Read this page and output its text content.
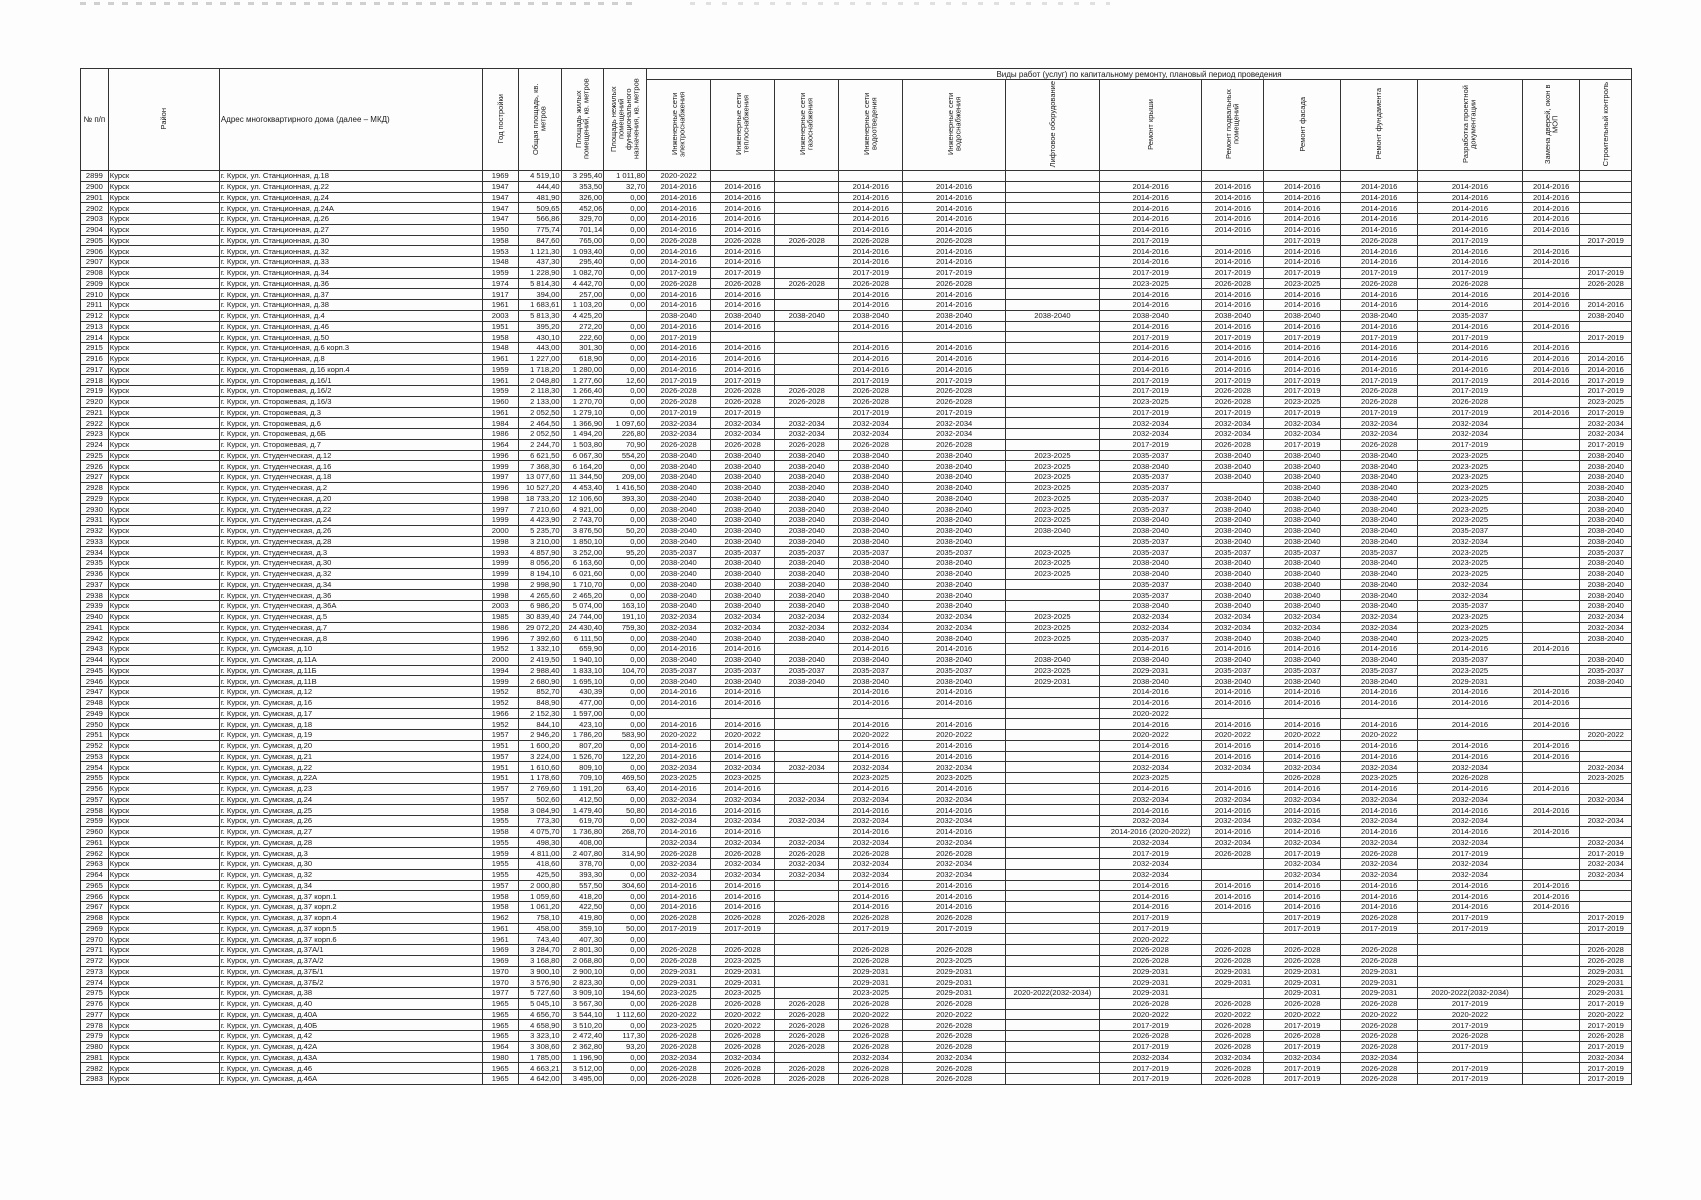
№ п/п	Район	Адрес многоквартирного дома (далее – МКД)	Год постройки	Общая площадь, кв. метров	Площадь жилых помещений, кв. метров	Площадь нежилых помещений функционального назначения, кв. метров	Виды работ (услуг) по капитальному ремонту, плановый период проведения												
							Инженерные сети электроснабжения	Инженерные сети теплоснабжения	Инженерные сети газоснабжения	Инженерные сети водоотведения	Инженерные сети водоснабжения	Лифтовое оборудование	Ремонт крыши	Ремонт подвальных помещений	Ремонт фасада	Ремонт фундамента	Разработка проектной документации	Замена дверей, окон в МОП	Строительный контроль
2899	Курск	г. Курск, ул. Станционная, д.18	1969	4 519,10	3 295,40	1 011,80	2020-2022												
2900	Курск	г. Курск, ул. Станционная, д.22	1947	444,40	353,50	32,70	2014-2016	2014-2016		2014-2016	2014-2016		2014-2016	2014-2016	2014-2016	2014-2016	2014-2016	2014-2016	
2901	Курск	г. Курск, ул. Станционная, д.24	1947	481,90	326,00	0,00	2014-2016	2014-2016		2014-2016	2014-2016		2014-2016	2014-2016	2014-2016	2014-2016	2014-2016	2014-2016	
2902	Курск	г. Курск, ул. Станционная, д.24А	1947	509,65	452,06	0,00	2014-2016	2014-2016		2014-2016	2014-2016		2014-2016	2014-2016	2014-2016	2014-2016	2014-2016	2014-2016	
2903	Курск	г. Курск, ул. Станционная, д.26	1947	566,86	329,70	0,00	2014-2016	2014-2016		2014-2016	2014-2016		2014-2016	2014-2016	2014-2016	2014-2016	2014-2016	2014-2016	
2904	Курск	г. Курск, ул. Станционная, д.27	1950	775,74	701,14	0,00	2014-2016	2014-2016		2014-2016	2014-2016		2014-2016	2014-2016	2014-2016	2014-2016	2014-2016	2014-2016	
2905	Курск	г. Курск, ул. Станционная, д.30	1958	847,60	765,00	0,00	2026-2028	2026-2028	2026-2028	2026-2028	2026-2028		2017-2019		2017-2019	2026-2028	2017-2019		2017-2019
2906	Курск	г. Курск, ул. Станционная, д.32	1953	1 121,30	1 093,40	0,00	2014-2016	2014-2016		2014-2016	2014-2016		2014-2016	2014-2016	2014-2016	2014-2016	2014-2016	2014-2016	
2907	Курск	г. Курск, ул. Станционная, д.33	1948	437,30	295,40	0,00	2014-2016	2014-2016		2014-2016	2014-2016		2014-2016	2014-2016	2014-2016	2014-2016	2014-2016	2014-2016	
2908	Курск	г. Курск, ул. Станционная, д.34	1959	1 228,90	1 082,70	0,00	2017-2019	2017-2019		2017-2019	2017-2019		2017-2019	2017-2019	2017-2019	2017-2019	2017-2019		2017-2019
2909	Курск	г. Курск, ул. Станционная, д.36	1974	5 814,30	4 442,70	0,00	2026-2028	2026-2028	2026-2028	2026-2028	2026-2028		2023-2025	2026-2028	2023-2025	2026-2028	2026-2028		2026-2028
2910	Курск	г. Курск, ул. Станционная, д.37	1917	394,00	257,00	0,00	2014-2016	2014-2016		2014-2016	2014-2016		2014-2016	2014-2016	2014-2016	2014-2016	2014-2016	2014-2016	
2911	Курск	г. Курск, ул. Станционная, д.38	1961	1 683,61	1 103,20	0,00	2014-2016	2014-2016		2014-2016	2014-2016		2014-2016	2014-2016	2014-2016	2014-2016	2014-2016	2014-2016	2014-2016
2912	Курск	г. Курск, ул. Станционная, д.4	2003	5 813,30	4 425,20		2038-2040	2038-2040	2038-2040	2038-2040	2038-2040	2038-2040	2038-2040	2038-2040	2038-2040	2038-2040	2035-2037		2038-2040
2913	Курск	г. Курск, ул. Станционная, д.46	1951	395,20	272,20	0,00	2014-2016	2014-2016		2014-2016	2014-2016		2014-2016	2014-2016	2014-2016	2014-2016	2014-2016	2014-2016	
2914	Курск	г. Курск, ул. Станционная, д.50	1958	430,10	222,60	0,00	2017-2019						2017-2019	2017-2019	2017-2019	2017-2019	2017-2019		2017-2019
2915	Курск	г. Курск, ул. Станционная, д.6 корп.3	1948	443,00	301,30	0,00	2014-2016	2014-2016		2014-2016	2014-2016		2014-2016	2014-2016	2014-2016	2014-2016	2014-2016	2014-2016	
2916	Курск	г. Курск, ул. Станционная, д.8	1961	1 227,00	618,90	0,00	2014-2016	2014-2016		2014-2016	2014-2016		2014-2016	2014-2016	2014-2016	2014-2016	2014-2016	2014-2016	2014-2016
2917	Курск	г. Курск, ул. Сторожевая, д.16 корп.4	1959	1 718,20	1 280,00	0,00	2014-2016	2014-2016		2014-2016	2014-2016		2014-2016	2014-2016	2014-2016	2014-2016	2014-2016	2014-2016	2014-2016
2918	Курск	г. Курск, ул. Сторожевая, д.16/1	1961	2 048,80	1 277,60	12,60	2017-2019	2017-2019		2017-2019	2017-2019		2017-2019	2017-2019	2017-2019	2017-2019	2017-2019	2014-2016	2017-2019
2919	Курск	г. Курск, ул. Сторожевая, д.16/2	1959	2 118,30	1 266,40	0,00	2026-2028	2026-2028	2026-2028	2026-2028	2026-2028		2017-2019	2026-2028	2017-2019	2026-2028	2017-2019		2017-2019
2920	Курск	г. Курск, ул. Сторожевая, д.16/3	1960	2 133,00	1 270,70	0,00	2026-2028	2026-2028	2026-2028	2026-2028	2026-2028		2023-2025	2026-2028	2023-2025	2026-2028	2026-2028		2023-2025
2921	Курск	г. Курск, ул. Сторожевая, д.3	1961	2 052,50	1 279,10	0,00	2017-2019	2017-2019		2017-2019	2017-2019		2017-2019	2017-2019	2017-2019	2017-2019	2017-2019	2014-2016	2017-2019
2922	Курск	г. Курск, ул. Сторожевая, д.6	1984	2 464,50	1 366,90	1 097,60	2032-2034	2032-2034	2032-2034	2032-2034	2032-2034		2032-2034	2032-2034	2032-2034	2032-2034	2032-2034		2032-2034
2923	Курск	г. Курск, ул. Сторожевая, д.6Б	1986	2 052,50	1 494,20	226,80	2032-2034	2032-2034	2032-2034	2032-2034	2032-2034		2032-2034	2032-2034	2032-2034	2032-2034	2032-2034		2032-2034
2924	Курск	г. Курск, ул. Сторожевая, д.7	1964	2 244,70	1 503,80	70,90	2026-2028	2026-2028	2026-2028	2026-2028	2026-2028		2017-2019	2026-2028	2017-2019	2026-2028	2017-2019		2017-2019
2925	Курск	г. Курск, ул. Студенческая, д.12	1996	6 621,50	6 067,30	554,20	2038-2040	2038-2040	2038-2040	2038-2040	2038-2040	2023-2025	2035-2037	2038-2040	2038-2040	2038-2040	2023-2025		2038-2040
2926	Курск	г. Курск, ул. Студенческая, д.16	1999	7 368,30	6 164,20	0,00	2038-2040	2038-2040	2038-2040	2038-2040	2038-2040	2023-2025	2038-2040	2038-2040	2038-2040	2038-2040	2023-2025		2038-2040
2927	Курск	г. Курск, ул. Студенческая, д.18	1997	13 077,60	11 344,50	209,00	2038-2040	2038-2040	2038-2040	2038-2040	2038-2040	2023-2025	2035-2037	2038-2040	2038-2040	2038-2040	2023-2025		2038-2040
2928	Курск	г. Курск, ул. Студенческая, д.2	1996	10 527,20	4 453,40	1 416,50	2038-2040	2038-2040	2038-2040	2038-2040	2038-2040	2023-2025	2035-2037		2038-2040	2038-2040	2023-2025		2038-2040
2929	Курск	г. Курск, ул. Студенческая, д.20	1998	18 733,20	12 106,60	393,30	2038-2040	2038-2040	2038-2040	2038-2040	2038-2040	2023-2025	2035-2037	2038-2040	2038-2040	2038-2040	2023-2025		2038-2040
2930	Курск	г. Курск, ул. Студенческая, д.22	1997	7 210,60	4 921,00	0,00	2038-2040	2038-2040	2038-2040	2038-2040	2038-2040	2023-2025	2035-2037	2038-2040	2038-2040	2038-2040	2023-2025		2038-2040
2931	Курск	г. Курск, ул. Студенческая, д.24	1999	4 423,90	2 743,70	0,00	2038-2040	2038-2040	2038-2040	2038-2040	2038-2040	2023-2025	2038-2040	2038-2040	2038-2040	2038-2040	2023-2025		2038-2040
2932	Курск	г. Курск, ул. Студенческая, д.26	2000	5 235,70	3 876,50	50,20	2038-2040	2038-2040	2038-2040	2038-2040	2038-2040	2038-2040	2038-2040	2038-2040	2038-2040	2038-2040	2035-2037		2038-2040
2933	Курск	г. Курск, ул. Студенческая, д.28	1998	3 210,00	1 850,10	0,00	2038-2040	2038-2040	2038-2040	2038-2040	2038-2040		2035-2037	2038-2040	2038-2040	2038-2040	2032-2034		2038-2040
2934	Курск	г. Курск, ул. Студенческая, д.3	1993	4 857,90	3 252,00	95,20	2035-2037	2035-2037	2035-2037	2035-2037	2035-2037	2023-2025	2035-2037	2035-2037	2035-2037	2035-2037	2023-2025		2035-2037
2935	Курск	г. Курск, ул. Студенческая, д.30	1999	8 056,20	6 163,60	0,00	2038-2040	2038-2040	2038-2040	2038-2040	2038-2040	2023-2025	2038-2040	2038-2040	2038-2040	2038-2040	2023-2025		2038-2040
2936	Курск	г. Курск, ул. Студенческая, д.32	1999	8 194,10	6 021,60	0,00	2038-2040	2038-2040	2038-2040	2038-2040	2038-2040	2023-2025	2038-2040	2038-2040	2038-2040	2038-2040	2023-2025		2038-2040
2937	Курск	г. Курск, ул. Студенческая, д.34	1998	2 998,90	1 710,70	0,00	2038-2040	2038-2040	2038-2040	2038-2040	2038-2040		2035-2037	2038-2040	2038-2040	2038-2040	2032-2034		2038-2040
2938	Курск	г. Курск, ул. Студенческая, д.36	1998	4 265,60	2 465,20	0,00	2038-2040	2038-2040	2038-2040	2038-2040	2038-2040		2035-2037	2038-2040	2038-2040	2038-2040	2032-2034		2038-2040
2939	Курск	г. Курск, ул. Студенческая, д.36А	2003	6 986,20	5 074,00	163,10	2038-2040	2038-2040	2038-2040	2038-2040	2038-2040		2038-2040	2038-2040	2038-2040	2038-2040	2035-2037		2038-2040
2940	Курск	г. Курск, ул. Студенческая, д.5	1985	30 839,40	24 744,00	191,10	2032-2034	2032-2034	2032-2034	2032-2034	2032-2034	2023-2025	2032-2034	2032-2034	2032-2034	2032-2034	2023-2025		2032-2034
2941	Курск	г. Курск, ул. Студенческая, д.7	1986	29 072,20	24 430,40	759,30	2032-2034	2032-2034	2032-2034	2032-2034	2032-2034	2023-2025	2032-2034	2032-2034	2032-2034	2032-2034	2023-2025		2032-2034
2942	Курск	г. Курск, ул. Студенческая, д.8	1996	7 392,60	6 111,50	0,00	2038-2040	2038-2040	2038-2040	2038-2040	2038-2040	2023-2025	2035-2037	2038-2040	2038-2040	2038-2040	2023-2025		2038-2040
2943	Курск	г. Курск, ул. Сумская, д.10	1952	1 332,10	659,90	0,00	2014-2016	2014-2016		2014-2016	2014-2016		2014-2016	2014-2016	2014-2016	2014-2016	2014-2016	2014-2016	
2944	Курск	г. Курск, ул. Сумская, д.11А	2000	2 419,50	1 940,10	0,00	2038-2040	2038-2040	2038-2040	2038-2040	2038-2040	2038-2040	2038-2040	2038-2040	2038-2040	2038-2040	2035-2037		2038-2040
2945	Курск	г. Курск, ул. Сумская, д.11Б	1994	2 988,40	1 833,10	104,70	2035-2037	2035-2037	2035-2037	2035-2037	2035-2037	2023-2025	2029-2031	2035-2037	2035-2037	2035-2037	2023-2025		2035-2037
2946	Курск	г. Курск, ул. Сумская, д.11В	1999	2 680,90	1 695,10	0,00	2038-2040	2038-2040	2038-2040	2038-2040	2038-2040	2029-2031	2038-2040	2038-2040	2038-2040	2038-2040	2029-2031		2038-2040
2947	Курск	г. Курск, ул. Сумская, д.12	1952	852,70	430,39	0,00	2014-2016	2014-2016		2014-2016	2014-2016		2014-2016	2014-2016	2014-2016	2014-2016	2014-2016	2014-2016	
2948	Курск	г. Курск, ул. Сумская, д.16	1952	848,90	477,00	0,00	2014-2016	2014-2016		2014-2016	2014-2016		2014-2016	2014-2016	2014-2016	2014-2016	2014-2016	2014-2016	
2949	Курск	г. Курск, ул. Сумская, д.17	1966	2 152,30	1 597,00	0,00							2020-2022						
2950	Курск	г. Курск, ул. Сумская, д.18	1952	844,10	423,10	0,00	2014-2016	2014-2016		2014-2016	2014-2016		2014-2016	2014-2016	2014-2016	2014-2016	2014-2016	2014-2016	
2951	Курск	г. Курск, ул. Сумская, д.19	1957	2 946,20	1 786,20	583,90	2020-2022	2020-2022		2020-2022	2020-2022		2020-2022	2020-2022	2020-2022	2020-2022			2020-2022
2952	Курск	г. Курск, ул. Сумская, д.20	1951	1 600,20	807,20	0,00	2014-2016	2014-2016		2014-2016	2014-2016		2014-2016	2014-2016	2014-2016	2014-2016	2014-2016	2014-2016	
2953	Курск	г. Курск, ул. Сумская, д.21	1957	3 224,00	1 526,70	122,20	2014-2016	2014-2016		2014-2016	2014-2016		2014-2016	2014-2016	2014-2016	2014-2016	2014-2016	2014-2016	
2954	Курск	г. Курск, ул. Сумская, д.22	1951	1 610,60	809,10	0,00	2032-2034	2032-2034	2032-2034	2032-2034	2032-2034		2032-2034	2032-2034	2032-2034	2032-2034	2032-2034		2032-2034
2955	Курск	г. Курск, ул. Сумская, д.22А	1951	1 178,60	709,10	469,50	2023-2025	2023-2025		2023-2025	2023-2025		2023-2025		2026-2028	2023-2025	2026-2028		2023-2025
2956	Курск	г. Курск, ул. Сумская, д.23	1957	2 769,60	1 191,20	63,40	2014-2016	2014-2016		2014-2016	2014-2016		2014-2016	2014-2016	2014-2016	2014-2016	2014-2016	2014-2016	
2957	Курск	г. Курск, ул. Сумская, д.24	1957	502,60	412,50	0,00	2032-2034	2032-2034	2032-2034	2032-2034	2032-2034		2032-2034	2032-2034	2032-2034	2032-2034	2032-2034		2032-2034
2958	Курск	г. Курск, ул. Сумская, д.25	1958	3 084,90	1 479,40	50,80	2014-2016	2014-2016		2014-2016	2014-2016		2014-2016	2014-2016	2014-2016	2014-2016	2014-2016	2014-2016	
2959	Курск	г. Курск, ул. Сумская, д.26	1955	773,30	619,70	0,00	2032-2034	2032-2034	2032-2034	2032-2034	2032-2034		2032-2034	2032-2034	2032-2034	2032-2034	2032-2034		2032-2034
2960	Курск	г. Курск, ул. Сумская, д.27	1958	4 075,70	1 736,80	268,70	2014-2016	2014-2016		2014-2016	2014-2016		2014-2016 (2020-2022)	2014-2016	2014-2016	2014-2016	2014-2016	2014-2016	
2961	Курск	г. Курск, ул. Сумская, д.28	1955	498,30	408,00		2032-2034	2032-2034	2032-2034	2032-2034	2032-2034		2032-2034	2032-2034	2032-2034	2032-2034	2032-2034		2032-2034
2962	Курск	г. Курск, ул. Сумская, д.3	1959	4 811,00	2 407,80	314,90	2026-2028	2026-2028	2026-2028	2026-2028	2026-2028		2017-2019	2026-2028	2017-2019	2026-2028	2017-2019		2017-2019
2963	Курск	г. Курск, ул. Сумская, д.30	1955	418,60	378,70	0,00	2032-2034	2032-2034	2032-2034	2032-2034	2032-2034		2032-2034		2032-2034	2032-2034	2032-2034		2032-2034
2964	Курск	г. Курск, ул. Сумская, д.32	1955	425,50	393,30	0,00	2032-2034	2032-2034	2032-2034	2032-2034	2032-2034		2032-2034		2032-2034	2032-2034	2032-2034		2032-2034
2965	Курск	г. Курск, ул. Сумская, д.34	1957	2 000,80	557,50	304,60	2014-2016	2014-2016		2014-2016	2014-2016		2014-2016	2014-2016	2014-2016	2014-2016	2014-2016	2014-2016	
2966	Курск	г. Курск, ул. Сумская, д.37 корп.1	1958	1 059,60	418,20	0,00	2014-2016	2014-2016		2014-2016	2014-2016		2014-2016	2014-2016	2014-2016	2014-2016	2014-2016	2014-2016	
2967	Курск	г. Курск, ул. Сумская, д.37 корп.2	1958	1 061,20	422,50	0,00	2014-2016	2014-2016		2014-2016	2014-2016		2014-2016	2014-2016	2014-2016	2014-2016	2014-2016	2014-2016	
2968	Курск	г. Курск, ул. Сумская, д.37 корп.4	1962	758,10	419,80	0,00	2026-2028	2026-2028	2026-2028	2026-2028	2026-2028		2017-2019		2017-2019	2026-2028	2017-2019		2017-2019
2969	Курск	г. Курск, ул. Сумская, д.37 корп.5	1961	458,00	359,10	50,00	2017-2019	2017-2019		2017-2019	2017-2019		2017-2019		2017-2019	2017-2019	2017-2019		2017-2019
2970	Курск	г. Курск, ул. Сумская, д.37 корп.6	1961	743,40	407,30	0,00							2020-2022						
2971	Курск	г. Курск, ул. Сумская, д.37А/1	1969	3 284,70	2 801,30	0,00	2026-2028	2026-2028		2026-2028	2026-2028		2026-2028	2026-2028	2026-2028	2026-2028			2026-2028
2972	Курск	г. Курск, ул. Сумская, д.37А/2	1969	3 168,80	2 068,80	0,00	2026-2028	2023-2025		2026-2028	2023-2025		2026-2028	2026-2028	2026-2028	2026-2028			2026-2028
2973	Курск	г. Курск, ул. Сумская, д.37Б/1	1970	3 900,10	2 900,10	0,00	2029-2031	2029-2031		2029-2031	2029-2031		2029-2031	2029-2031	2029-2031	2029-2031			2029-2031
2974	Курск	г. Курск, ул. Сумская, д.37Б/2	1970	3 576,90	2 823,30	0,00	2029-2031	2029-2031		2029-2031	2029-2031		2029-2031	2029-2031	2029-2031	2029-2031			2029-2031
2975	Курск	г. Курск, ул. Сумская, д.38	1977	5 727,60	3 909,10	194,60	2023-2025	2023-2025		2023-2025	2029-2031	2020-2022(2032-2034)	2029-2031		2029-2031	2029-2031	2020-2022(2032-2034)		2029-2031
2976	Курск	г. Курск, ул. Сумская, д.40	1965	5 045,10	3 567,30	0,00	2026-2028	2026-2028	2026-2028	2026-2028	2026-2028		2026-2028	2026-2028	2026-2028	2026-2028	2017-2019		2017-2019
2977	Курск	г. Курск, ул. Сумская, д.40А	1965	4 656,70	3 544,10	1 112,60	2020-2022	2020-2022	2026-2028	2020-2022	2020-2022		2020-2022	2020-2022	2020-2022	2020-2022	2020-2022		2020-2022
2978	Курск	г. Курск, ул. Сумская, д.40Б	1965	4 658,90	3 510,20	0,00	2023-2025	2020-2022	2026-2028	2026-2028	2026-2028		2017-2019	2026-2028	2017-2019	2026-2028	2017-2019		2017-2019
2979	Курск	г. Курск, ул. Сумская, д.42	1965	3 323,10	2 472,40	117,30	2026-2028	2026-2028	2026-2028	2026-2028	2026-2028		2026-2028	2026-2028	2026-2028	2026-2028	2026-2028		2026-2028
2980	Курск	г. Курск, ул. Сумская, д.42А	1964	3 308,60	2 362,80	93,20	2026-2028	2026-2028	2026-2028	2026-2028	2026-2028		2017-2019	2026-2028	2017-2019	2026-2028	2017-2019		2017-2019
2981	Курск	г. Курск, ул. Сумская, д.43А	1980	1 785,00	1 196,90	0,00	2032-2034	2032-2034		2032-2034	2032-2034		2032-2034	2032-2034	2032-2034	2032-2034			2032-2034
2982	Курск	г. Курск, ул. Сумская, д.46	1965	4 663,21	3 512,00	0,00	2026-2028	2026-2028	2026-2028	2026-2028	2026-2028		2017-2019	2026-2028	2017-2019	2026-2028	2017-2019		2017-2019
2983	Курск	г. Курск, ул. Сумская, д.46А	1965	4 642,00	3 495,00	0,00	2026-2028	2026-2028	2026-2028	2026-2028	2026-2028		2017-2019	2026-2028	2017-2019	2026-2028	2017-2019		2017-2019
